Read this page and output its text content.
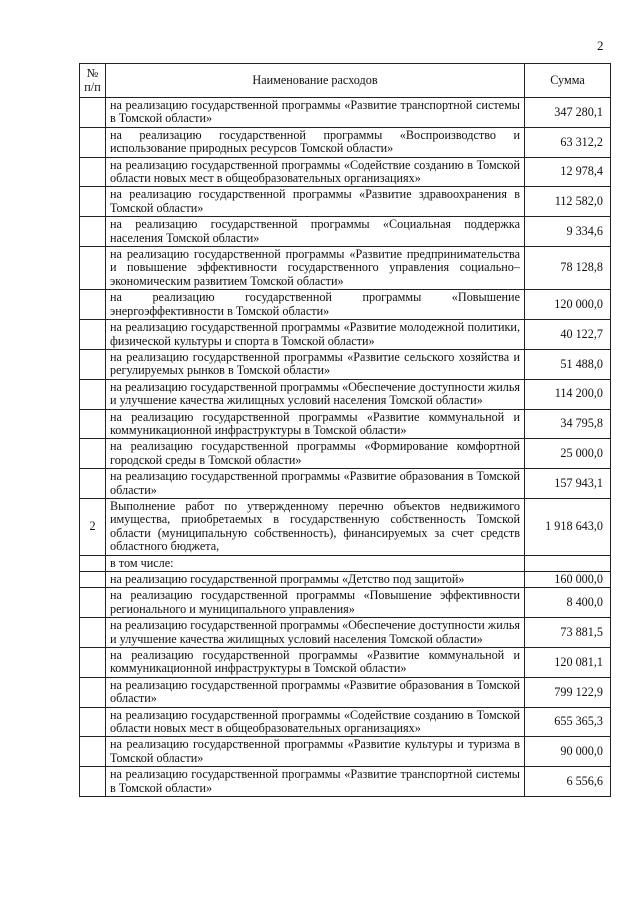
2
№
п/п	Наименование расходов	Сумма
	на реализацию государственной программы «Развитие транспортной системы в Томской области»	347 280,1
	на реализацию государственной программы «Воспроизводство и использование природных ресурсов Томской области»	63 312,2
	на реализацию государственной программы «Содействие созданию в Томской области новых мест в общеобразовательных организациях»	12 978,4
	на реализацию государственной программы «Развитие здравоохранения в Томской области»	112 582,0
	на реализацию государственной программы «Социальная поддержка населения Томской области»	9 334,6
	на реализацию государственной программы «Развитие предпринимательства и повышение эффективности государственного управления социально–экономическим развитием Томской области»	78 128,8
	на реализацию государственной программы «Повышение энергоэффективности в Томской области»	120 000,0
	на реализацию государственной программы «Развитие молодежной политики, физической культуры и спорта в Томской области»	40 122,7
	на реализацию государственной программы «Развитие сельского хозяйства и регулируемых рынков в Томской области»	51 488,0
	на реализацию государственной программы «Обеспечение доступности жилья и улучшение качества жилищных условий населения Томской области»	114 200,0
	на реализацию государственной программы «Развитие коммунальной и коммуникационной инфраструктуры в Томской области»	34 795,8
	на реализацию государственной программы «Формирование комфортной городской среды в Томской области»	25 000,0
	на реализацию государственной программы «Развитие образования в Томской области»	157 943,1
2	Выполнение работ по утвержденному перечню объектов недвижимого имущества, приобретаемых в государственную собственность Томской области (муниципальную собственность), финансируемых за счет средств областного бюджета,	1 918 643,0
	в том числе:	
	на реализацию государственной программы «Детство под защитой»	160 000,0
	на реализацию государственной программы «Повышение эффективности регионального и муниципального управления»	8 400,0
	на реализацию государственной программы «Обеспечение доступности жилья и улучшение качества жилищных условий населения Томской области»	73 881,5
	на реализацию государственной программы «Развитие коммунальной и коммуникационной инфраструктуры в Томской области»	120 081,1
	на реализацию государственной программы «Развитие образования в Томской области»	799 122,9
	на реализацию государственной программы «Содействие созданию в Томской области новых мест в общеобразовательных организациях»	655 365,3
	на реализацию государственной программы «Развитие культуры и туризма в Томской области»	90 000,0
	на реализацию государственной программы «Развитие транспортной системы в Томской области»	6 556,6
